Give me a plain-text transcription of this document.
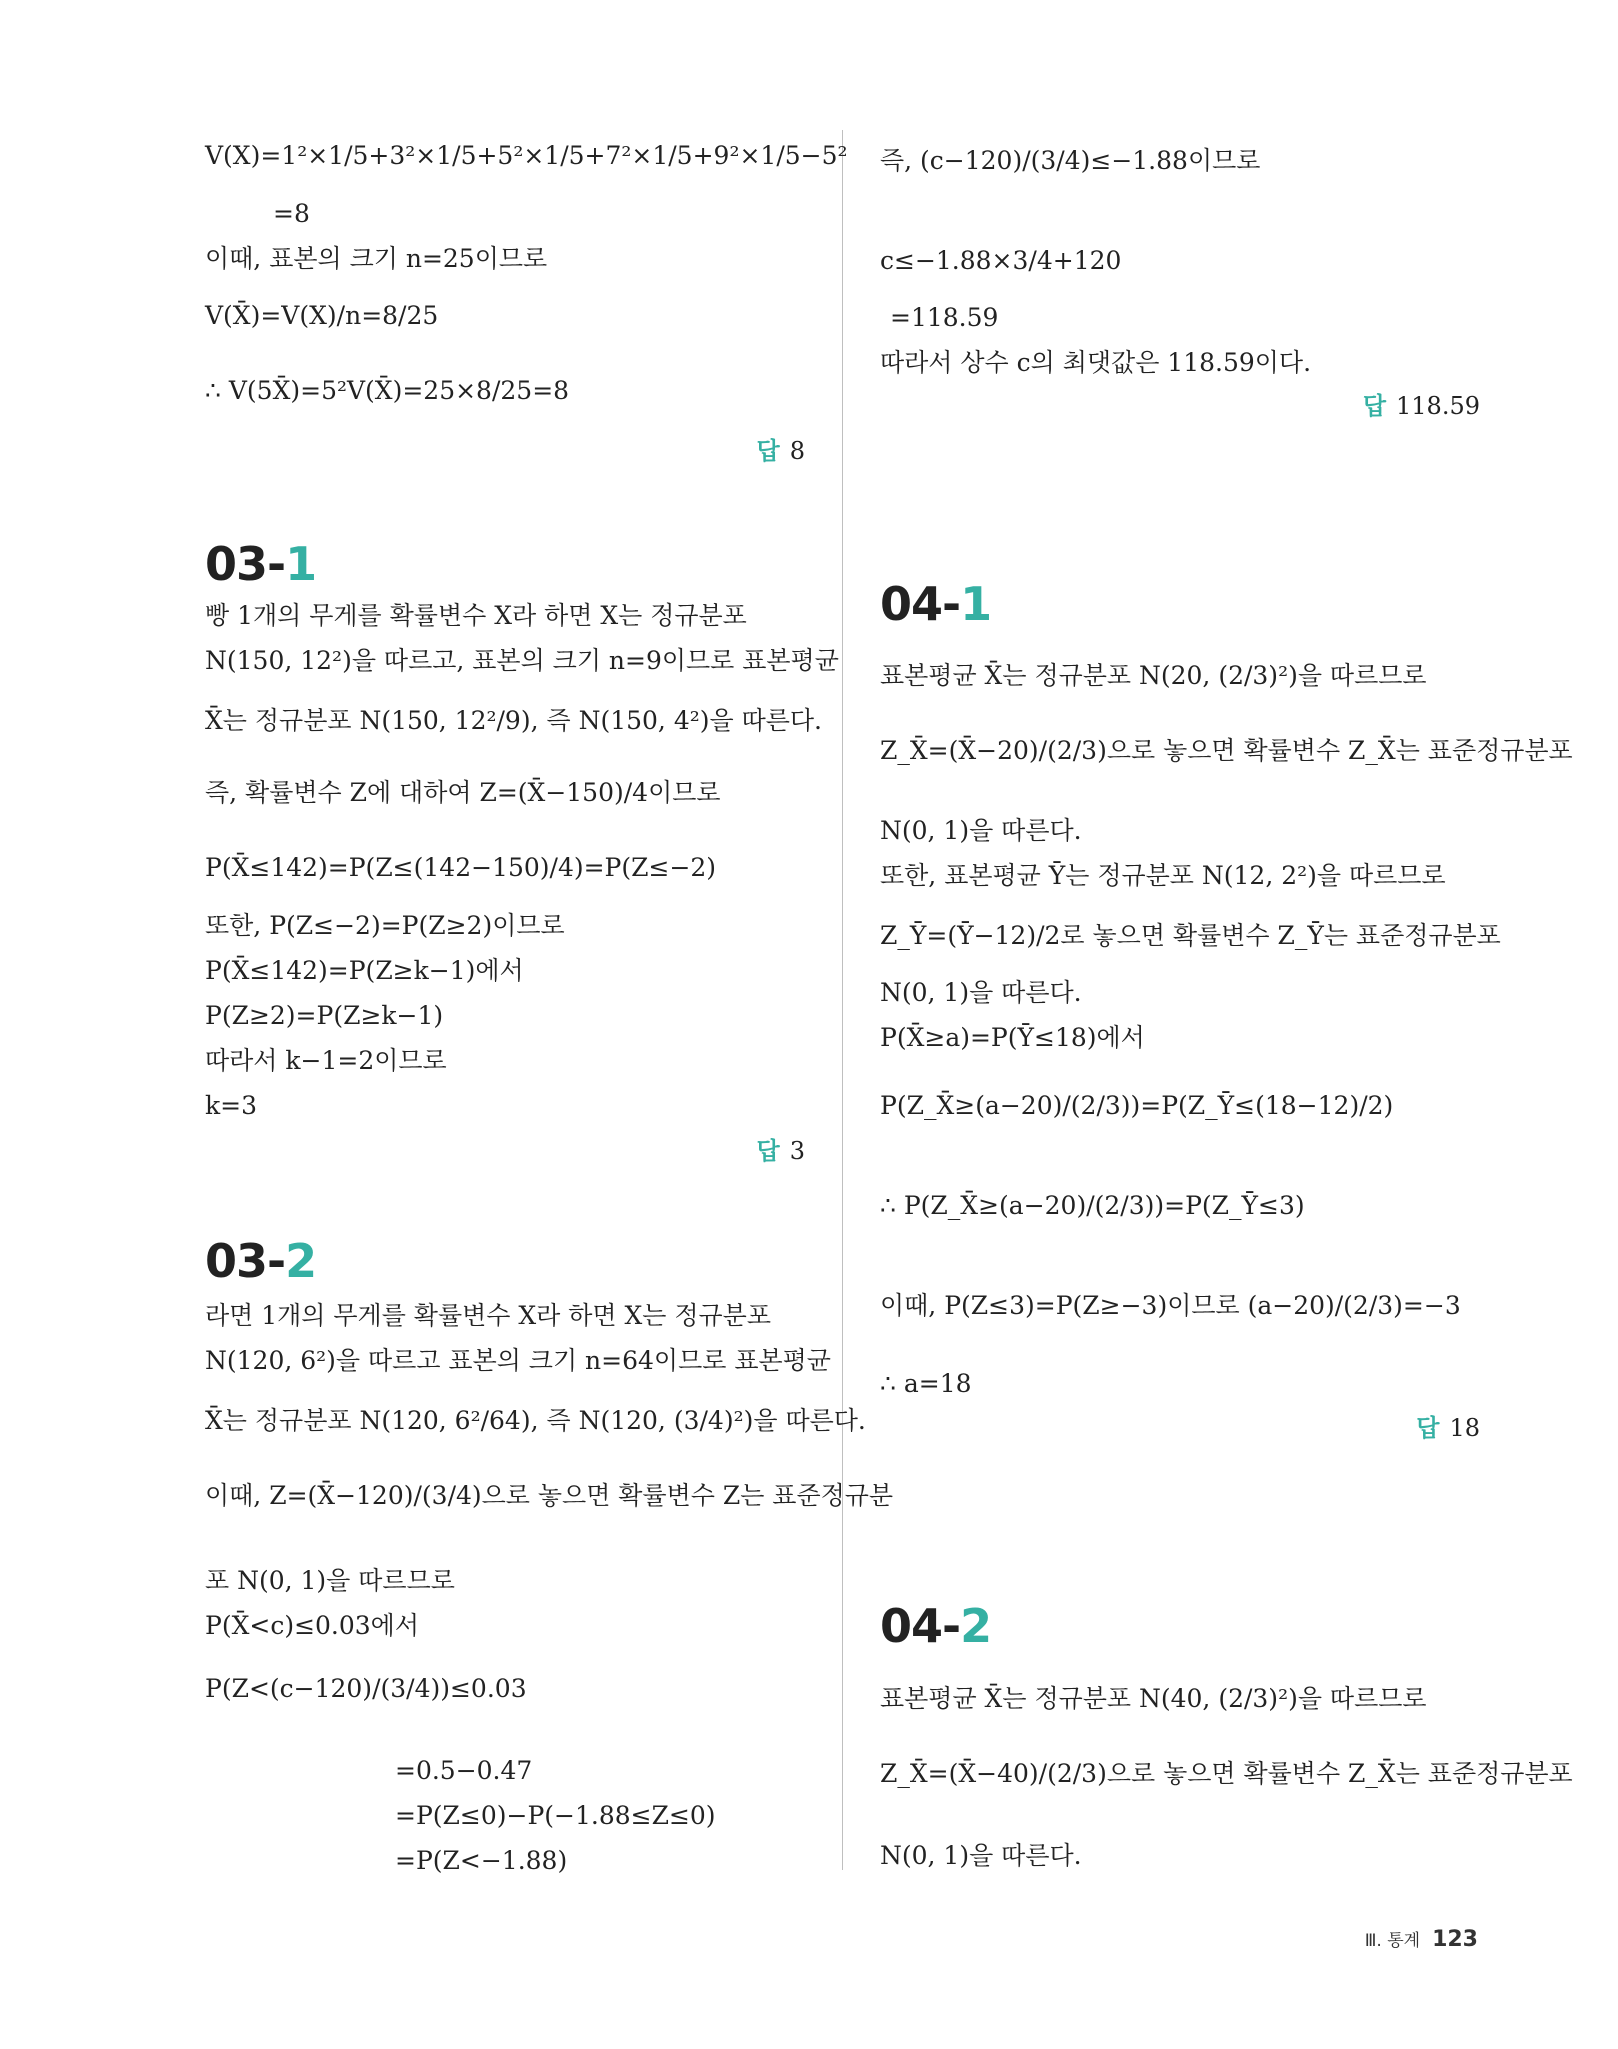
V(X)=1²×1/5+3²×1/5+5²×1/5+7²×1/5+9²×1/5−5²
=8
이때, 표본의 크기 n=25이므로
V(X̄)=V(X)/n=8/25
∴ V(5X̄)=5²V(X̄)=25×8/25=8
답 8
03-1
빵 1개의 무게를 확률변수 X라 하면 X는 정규분포
N(150, 12²)을 따르고, 표본의 크기 n=9이므로 표본평균
X̄는 정규분포 N(150, 12²/9), 즉 N(150, 4²)을 따른다.
즉, 확률변수 Z에 대하여 Z=(X̄−150)/4이므로
P(X̄≤142)=P(Z≤(142−150)/4)=P(Z≤−2)
또한, P(Z≤−2)=P(Z≥2)이므로
P(X̄≤142)=P(Z≥k−1)에서
P(Z≥2)=P(Z≥k−1)
따라서 k−1=2이므로
k=3
답 3
03-2
라면 1개의 무게를 확률변수 X라 하면 X는 정규분포
N(120, 6²)을 따르고 표본의 크기 n=64이므로 표본평균
X̄는 정규분포 N(120, 6²/64), 즉 N(120, (3/4)²)을 따른다.
이때, Z=(X̄−120)/(3/4)으로 놓으면 확률변수 Z는 표준정규분
포 N(0, 1)을 따르므로
P(X̄<c)≤0.03에서
P(Z<(c−120)/(3/4))≤0.03
=0.5−0.47
=P(Z≤0)−P(−1.88≤Z≤0)
=P(Z<−1.88)
즉, (c−120)/(3/4)≤−1.88이므로
c≤−1.88×3/4+120
=118.59
따라서 상수 c의 최댓값은 118.59이다.
답 118.59
04-1
표본평균 X̄는 정규분포 N(20, (2/3)²)을 따르므로
Z_X̄=(X̄−20)/(2/3)으로 놓으면 확률변수 Z_X̄는 표준정규분포
N(0, 1)을 따른다.
또한, 표본평균 Ȳ는 정규분포 N(12, 2²)을 따르므로
Z_Ȳ=(Ȳ−12)/2로 놓으면 확률변수 Z_Ȳ는 표준정규분포
N(0, 1)을 따른다.
P(X̄≥a)=P(Ȳ≤18)에서
P(Z_X̄≥(a−20)/(2/3))=P(Z_Ȳ≤(18−12)/2)
∴ P(Z_X̄≥(a−20)/(2/3))=P(Z_Ȳ≤3)
이때, P(Z≤3)=P(Z≥−3)이므로 (a−20)/(2/3)=−3
∴ a=18
답 18
04-2
표본평균 X̄는 정규분포 N(40, (2/3)²)을 따르므로
Z_X̄=(X̄−40)/(2/3)으로 놓으면 확률변수 Z_X̄는 표준정규분포
N(0, 1)을 따른다.
Ⅲ. 통계 123
